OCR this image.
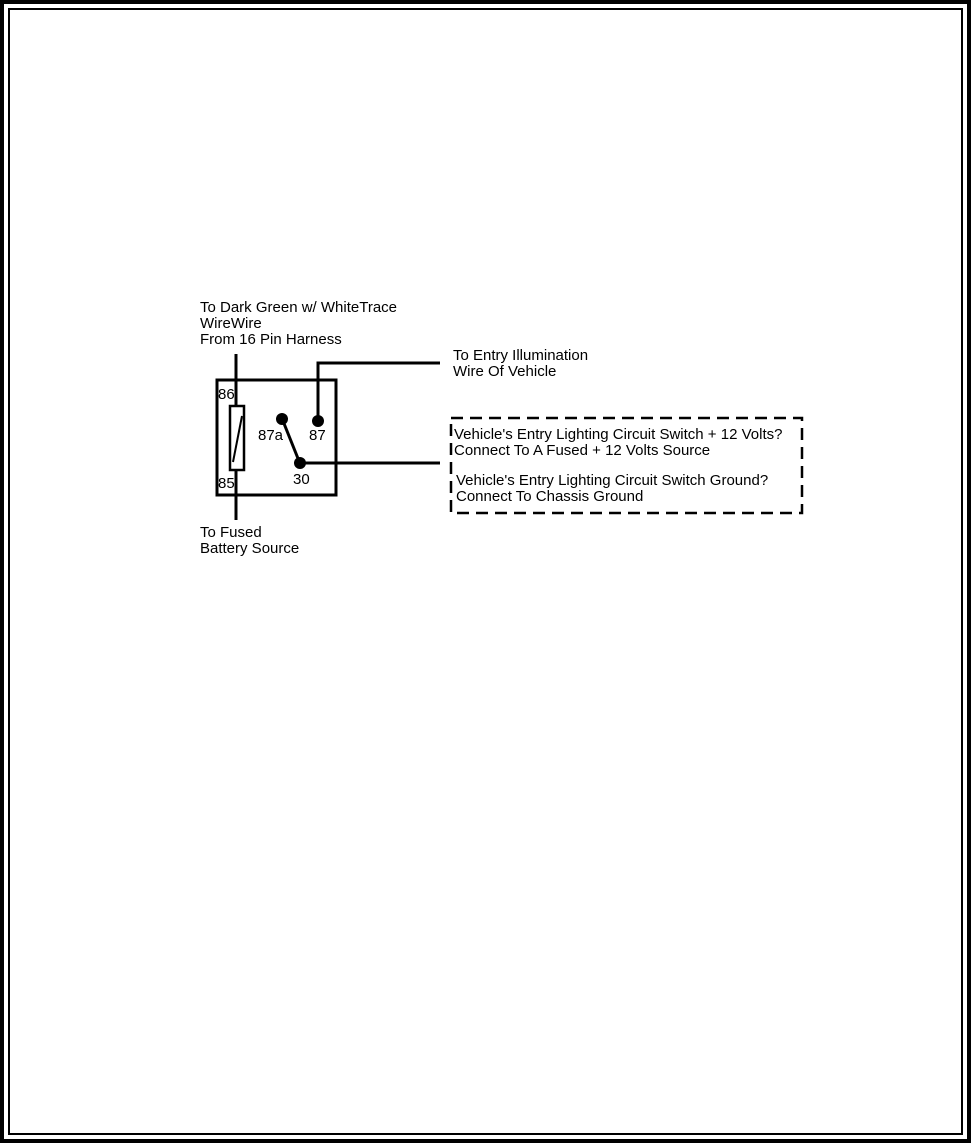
To Dark Green w/ WhiteTrace
WireWire
From 16 Pin Harness
86
85
87a 87
30
To Entry Illumination
Wire Of Vehicle
Vehicle's Entry Lighting Circuit Switch + 12 Volts?
Connect To A Fused + 12 Volts Source
Vehicle's Entry Lighting Circuit Switch Ground?
Connect To Chassis Ground
To Fused
Battery Source
